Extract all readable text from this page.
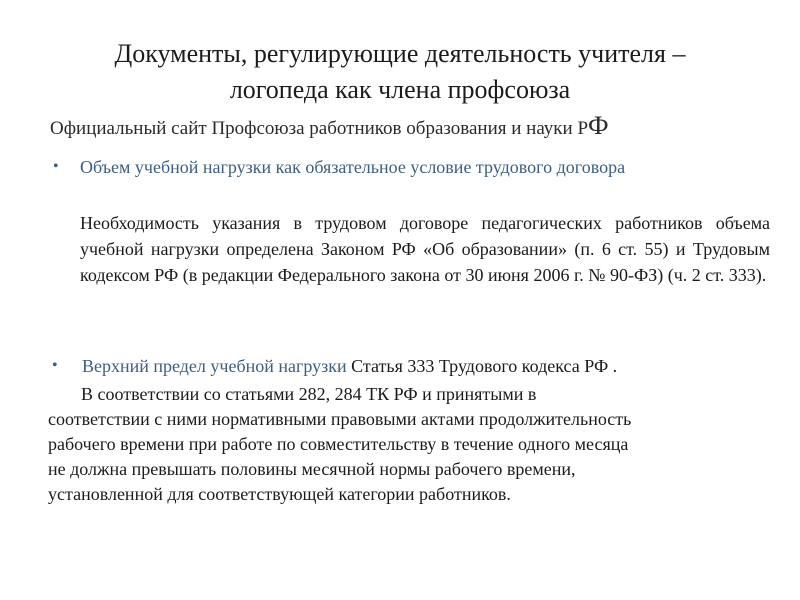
Документы, регулирующие деятельность учителя –
логопеда как члена профсоюза
Официальный сайт Профсоюза работников образования и науки РФ
• Объем учебной нагрузки как обязательное условие трудового договора
Необходимость указания в трудовом договоре педагогических работников объема учебной нагрузки определена Законом РФ «Об образовании» (п. 6 ст. 55) и Трудовым кодексом РФ (в редакции Федерального закона от 30 июня 2006 г. № 90-ФЗ) (ч. 2 ст. 333).
• Верхний предел учебной нагрузки Статья 333 Трудового кодекса РФ .
В соответствии со статьями 282, 284 ТК РФ и принятыми в
соответствии с ними нормативными правовыми актами продолжительность
рабочего времени при работе по совместительству в течение одного месяца
не должна превышать половины месячной нормы рабочего времени,
установленной для соответствующей категории работников.
